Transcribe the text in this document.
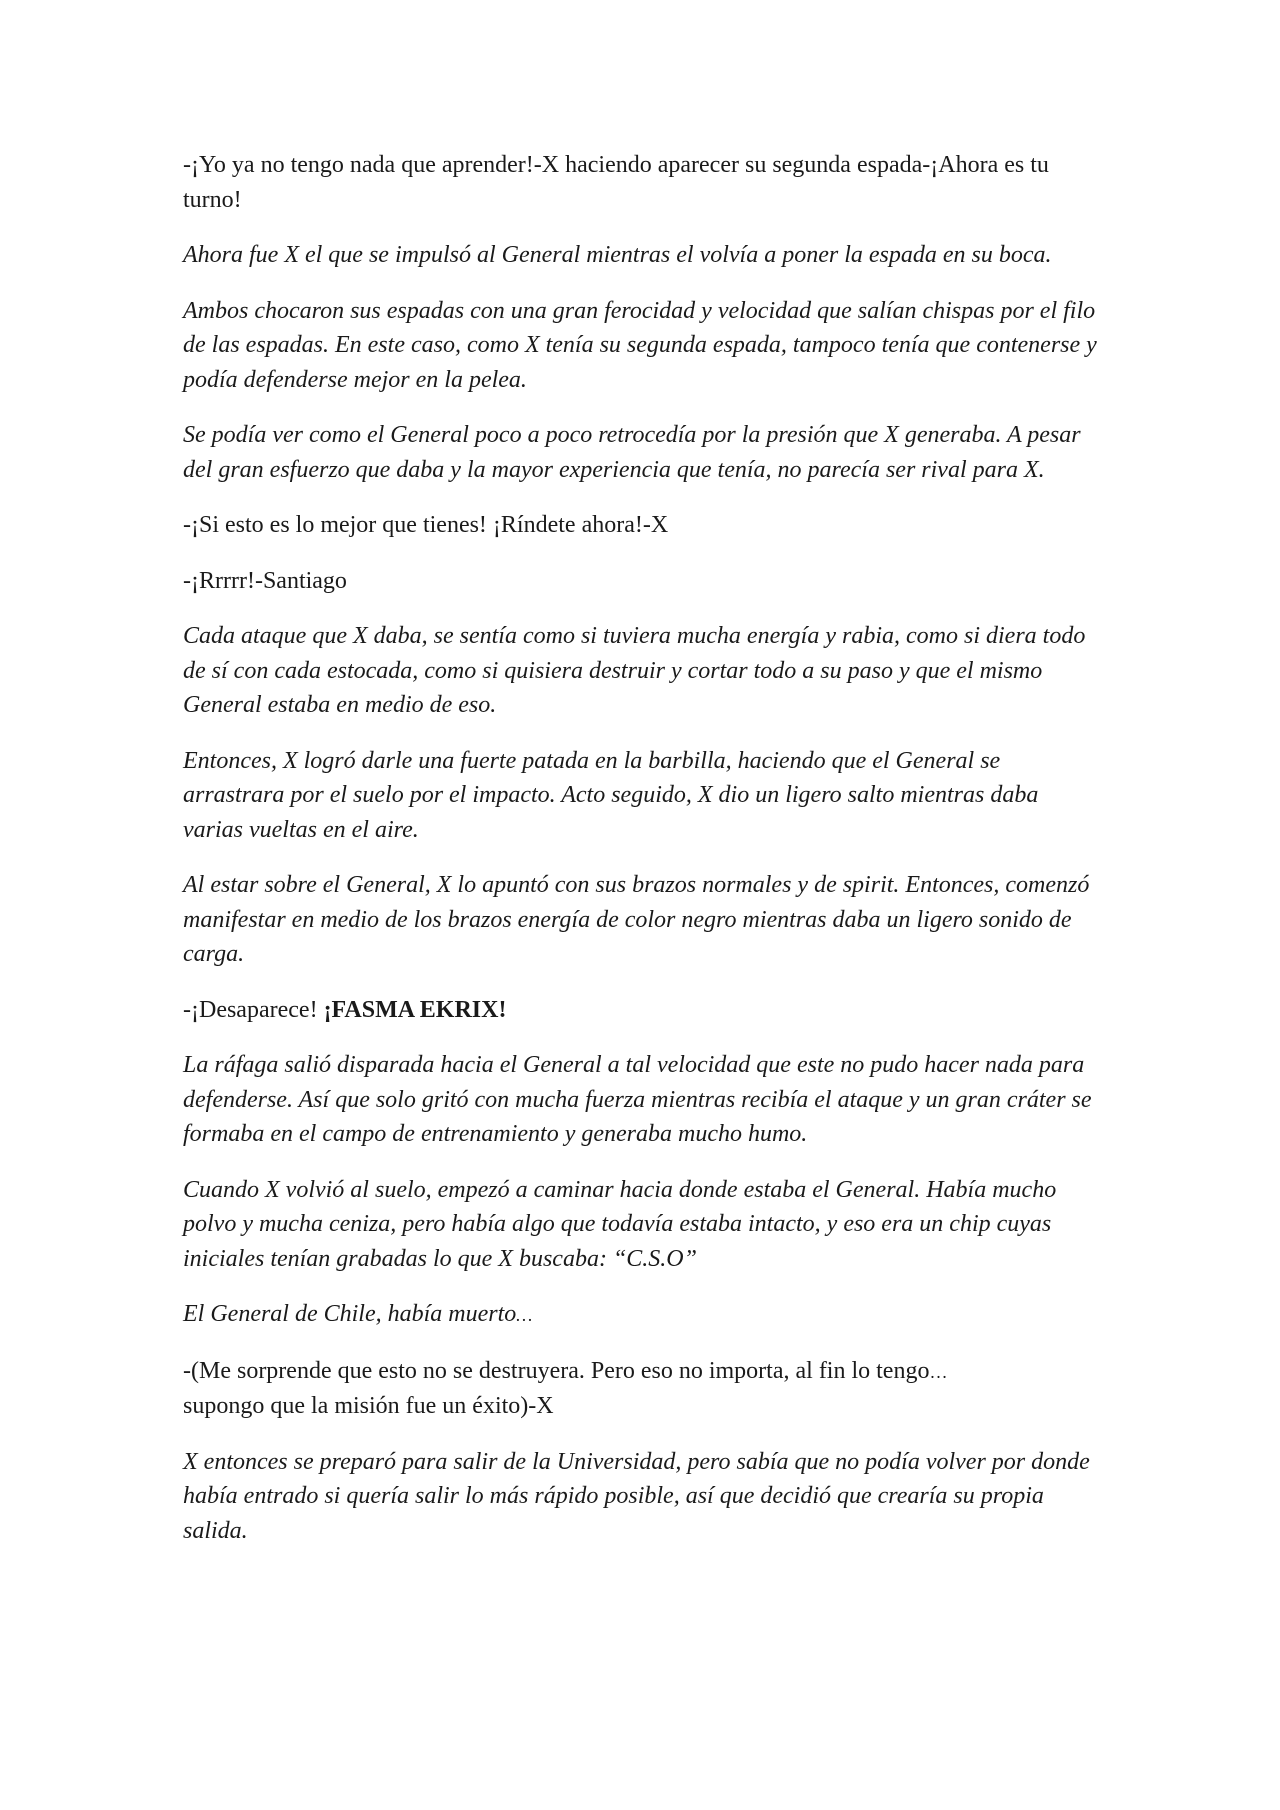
-¡Yo ya no tengo nada que aprender!-X haciendo aparecer su segunda espada-¡Ahora es tu turno!

Ahora fue X el que se impulsó al General mientras el volvía a poner la espada en su boca.

Ambos chocaron sus espadas con una gran ferocidad y velocidad que salían chispas por el filo de las espadas. En este caso, como X tenía su segunda espada, tampoco tenía que contenerse y podía defenderse mejor en la pelea.

Se podía ver como el General poco a poco retrocedía por la presión que X generaba. A pesar del gran esfuerzo que daba y la mayor experiencia que tenía, no parecía ser rival para X.

-¡Si esto es lo mejor que tienes! ¡Ríndete ahora!-X

-¡Rrrrr!-Santiago

Cada ataque que X daba, se sentía como si tuviera mucha energía y rabia, como si diera todo de sí con cada estocada, como si quisiera destruir y cortar todo a su paso y que el mismo General estaba en medio de eso.

Entonces, X logró darle una fuerte patada en la barbilla, haciendo que el General se arrastrara por el suelo por el impacto. Acto seguido, X dio un ligero salto mientras daba varias vueltas en el aire.

Al estar sobre el General, X lo apuntó con sus brazos normales y de spirit. Entonces, comenzó manifestar en medio de los brazos energía de color negro mientras daba un ligero sonido de carga.

-¡Desaparece! ¡FASMA EKRIX!

La ráfaga salió disparada hacia el General a tal velocidad que este no pudo hacer nada para defenderse. Así que solo gritó con mucha fuerza mientras recibía el ataque y un gran cráter se formaba en el campo de entrenamiento y generaba mucho humo.

Cuando X volvió al suelo, empezó a caminar hacia donde estaba el General. Había mucho polvo y mucha ceniza, pero había algo que todavía estaba intacto, y eso era un chip cuyas iniciales tenían grabadas lo que X buscaba: “C.S.O”

El General de Chile, había muerto…

-(Me sorprende que esto no se destruyera. Pero eso no importa, al fin lo tengo…
supongo que la misión fue un éxito)-X

X entonces se preparó para salir de la Universidad, pero sabía que no podía volver por donde había entrado si quería salir lo más rápido posible, así que decidió que crearía su propia salida.
